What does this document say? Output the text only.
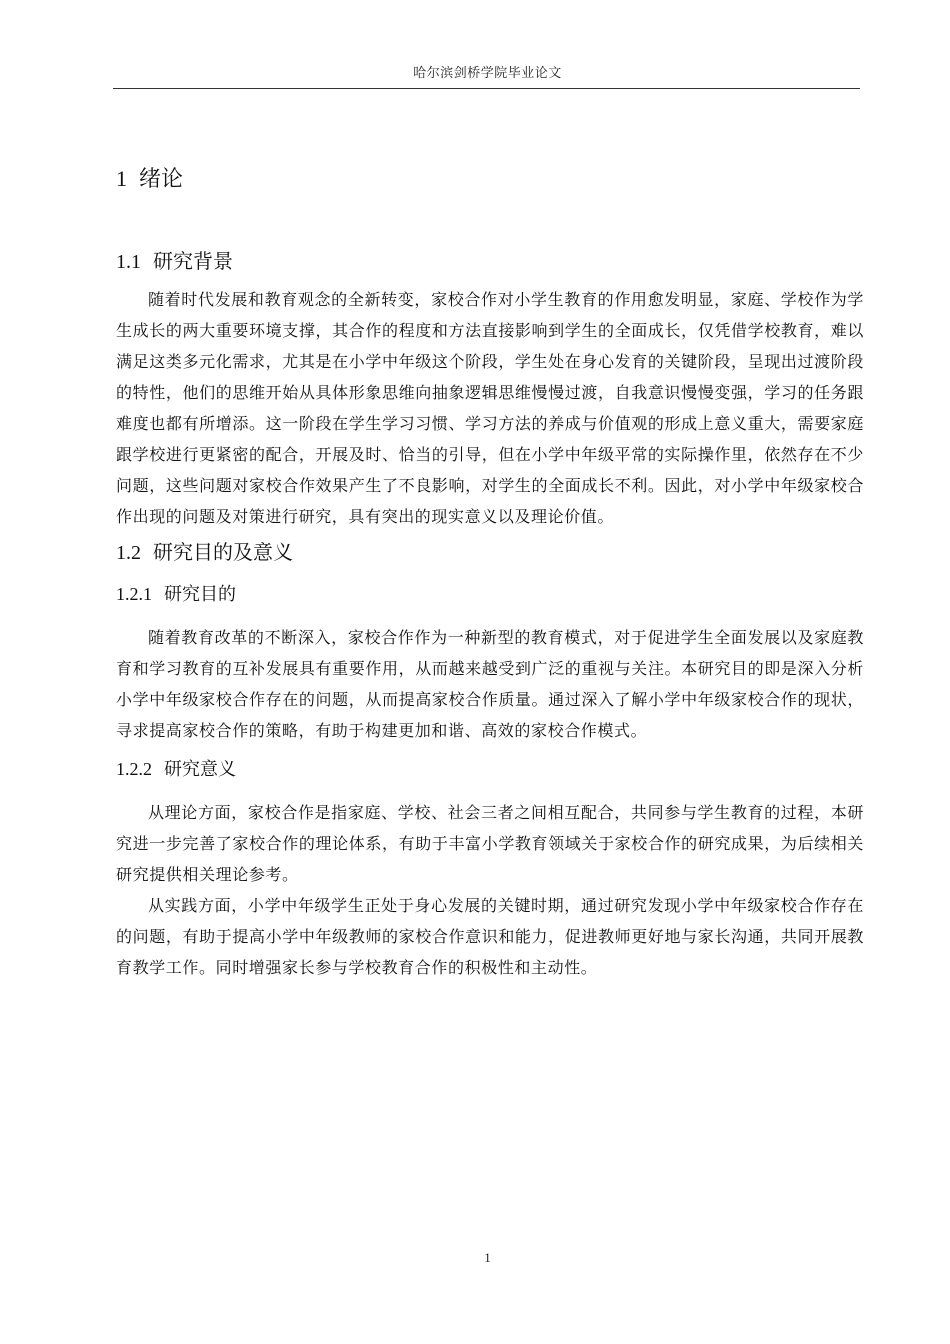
哈尔滨剑桥学院毕业论文
1 绪论
1.1 研究背景

随着时代发展和教育观念的全新转变，家校合作对小学生教育的作用愈发明显，家庭、学校作为学生成长的两大重要环境支撑，其合作的程度和方法直接影响到学生的全面成长，仅凭借学校教育，难以满足这类多元化需求，尤其是在小学中年级这个阶段，学生处在身心发育的关键阶段，呈现出过渡阶段的特性，他们的思维开始从具体形象思维向抽象逻辑思维慢慢过渡，自我意识慢慢变强，学习的任务跟难度也都有所增添。这一阶段在学生学习习惯、学习方法的养成与价值观的形成上意义重大，需要家庭跟学校进行更紧密的配合，开展及时、恰当的引导，但在小学中年级平常的实际操作里，依然存在不少问题，这些问题对家校合作效果产生了不良影响，对学生的全面成长不利。因此，对小学中年级家校合作出现的问题及对策进行研究，具有突出的现实意义以及理论价值。

1.2 研究目的及意义
1.2.1 研究目的

随着教育改革的不断深入，家校合作作为一种新型的教育模式，对于促进学生全面发展以及家庭教育和学习教育的互补发展具有重要作用，从而越来越受到广泛的重视与关注。本研究目的即是深入分析小学中年级家校合作存在的问题，从而提高家校合作质量。通过深入了解小学中年级家校合作的现状，寻求提高家校合作的策略，有助于构建更加和谐、高效的家校合作模式。

1.2.2 研究意义

从理论方面，家校合作是指家庭、学校、社会三者之间相互配合，共同参与学生教育的过程，本研究进一步完善了家校合作的理论体系，有助于丰富小学教育领域关于家校合作的研究成果，为后续相关研究提供相关理论参考。

从实践方面，小学中年级学生正处于身心发展的关键时期，通过研究发现小学中年级家校合作存在的问题，有助于提高小学中年级教师的家校合作意识和能力，促进教师更好地与家长沟通，共同开展教育教学工作。同时增强家长参与学校教育合作的积极性和主动性。

1
